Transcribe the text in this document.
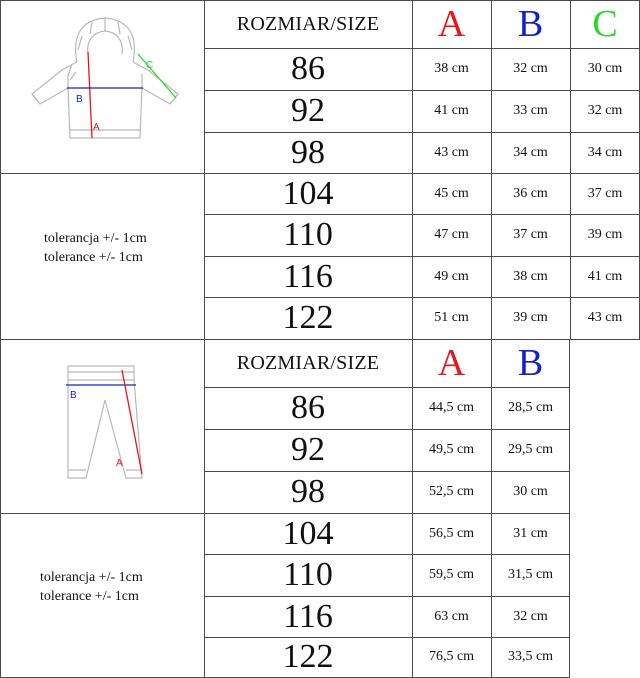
ROZMIAR/SIZE	A	B	C
86	38 cm	32 cm	30 cm
92	41 cm	33 cm	32 cm
98	43 cm	34 cm	34 cm
104	45 cm	36 cm	37 cm
110	47 cm	37 cm	39 cm
116	49 cm	38 cm	41 cm
122	51 cm	39 cm	43 cm
ROZMIAR/SIZE	A	B
86	44,5 cm	28,5 cm
92	49,5 cm	29,5 cm
98	52,5 cm	30 cm
104	56,5 cm	31 cm
110	59,5 cm	31,5 cm
116	63 cm	32 cm
122	76,5 cm	33,5 cm
A
B
C
B
A
tolerancja +/- 1cm
tolerance +/- 1cm
tolerancja +/- 1cm
tolerance +/- 1cm
